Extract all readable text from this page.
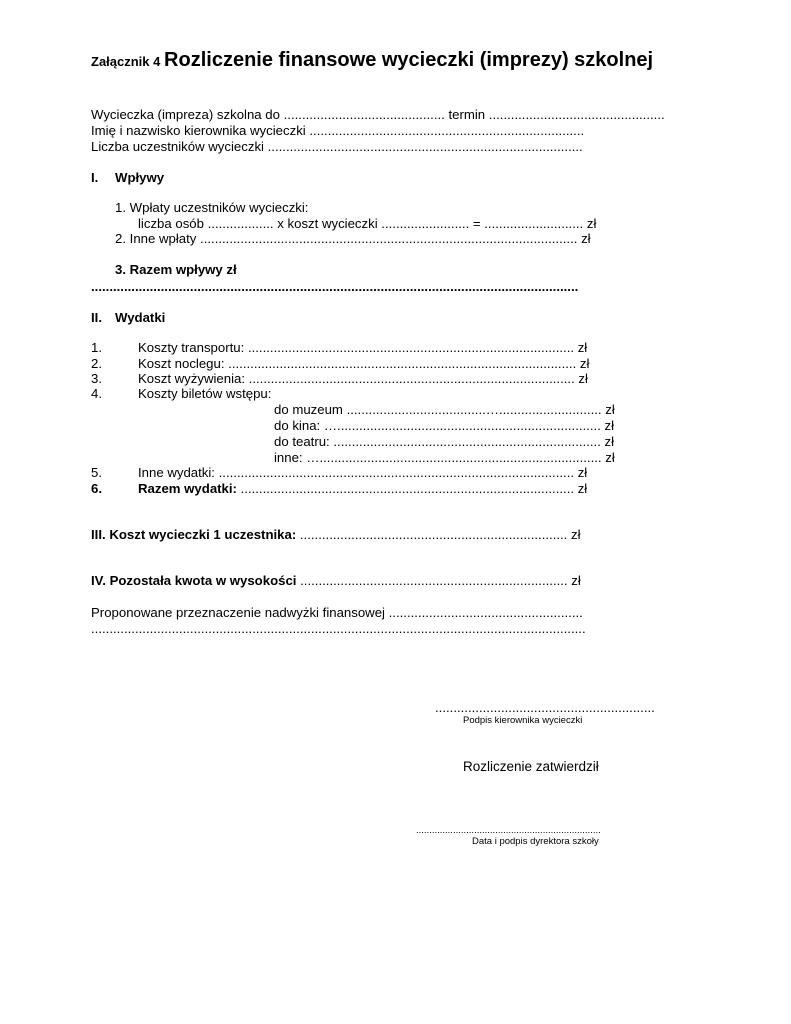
Załącznik 4 Rozliczenie finansowe wycieczki (imprezy) szkolnej
Wycieczka (impreza) szkolna do ............................................ termin ................................................
Imię i nazwisko kierownika wycieczki ...........................................................................
Liczba uczestników wycieczki ......................................................................................
I. Wpływy
1. Wpłaty uczestników wycieczki:
liczba osób .................. x koszt wycieczki ........................ = ........................... zł
2. Inne wpłaty ....................................................................................................... zł
3. Razem wpływy zł
.....................................................................................................................................
II. Wydatki
1.	Koszty transportu: ......................................................................................... zł
2.	Koszt noclegu: ............................................................................................... zł
3.	Koszt wyżywienia: ......................................................................................... zł
4.	Koszty biletów wstępu:
do muzeum ......................................…............................ zł
do kina: …........................................................................ zł
do teatru: ......................................................................... zł
inne: …............................................................................. zł
5.	Inne wydatki: ................................................................................................. zł
6.	Razem wydatki: ........................................................................................... zł
III. Koszt wycieczki 1 uczestnika: ......................................................................... zł
IV. Pozostała kwota w wysokości ......................................................................... zł
Proponowane przeznaczenie nadwyżki finansowej .....................................................
.......................................................................................................................................
............................................................
Podpis kierownika wycieczki
Rozliczenie zatwierdził
......................................................................
Data i podpis dyrektora szkoły
